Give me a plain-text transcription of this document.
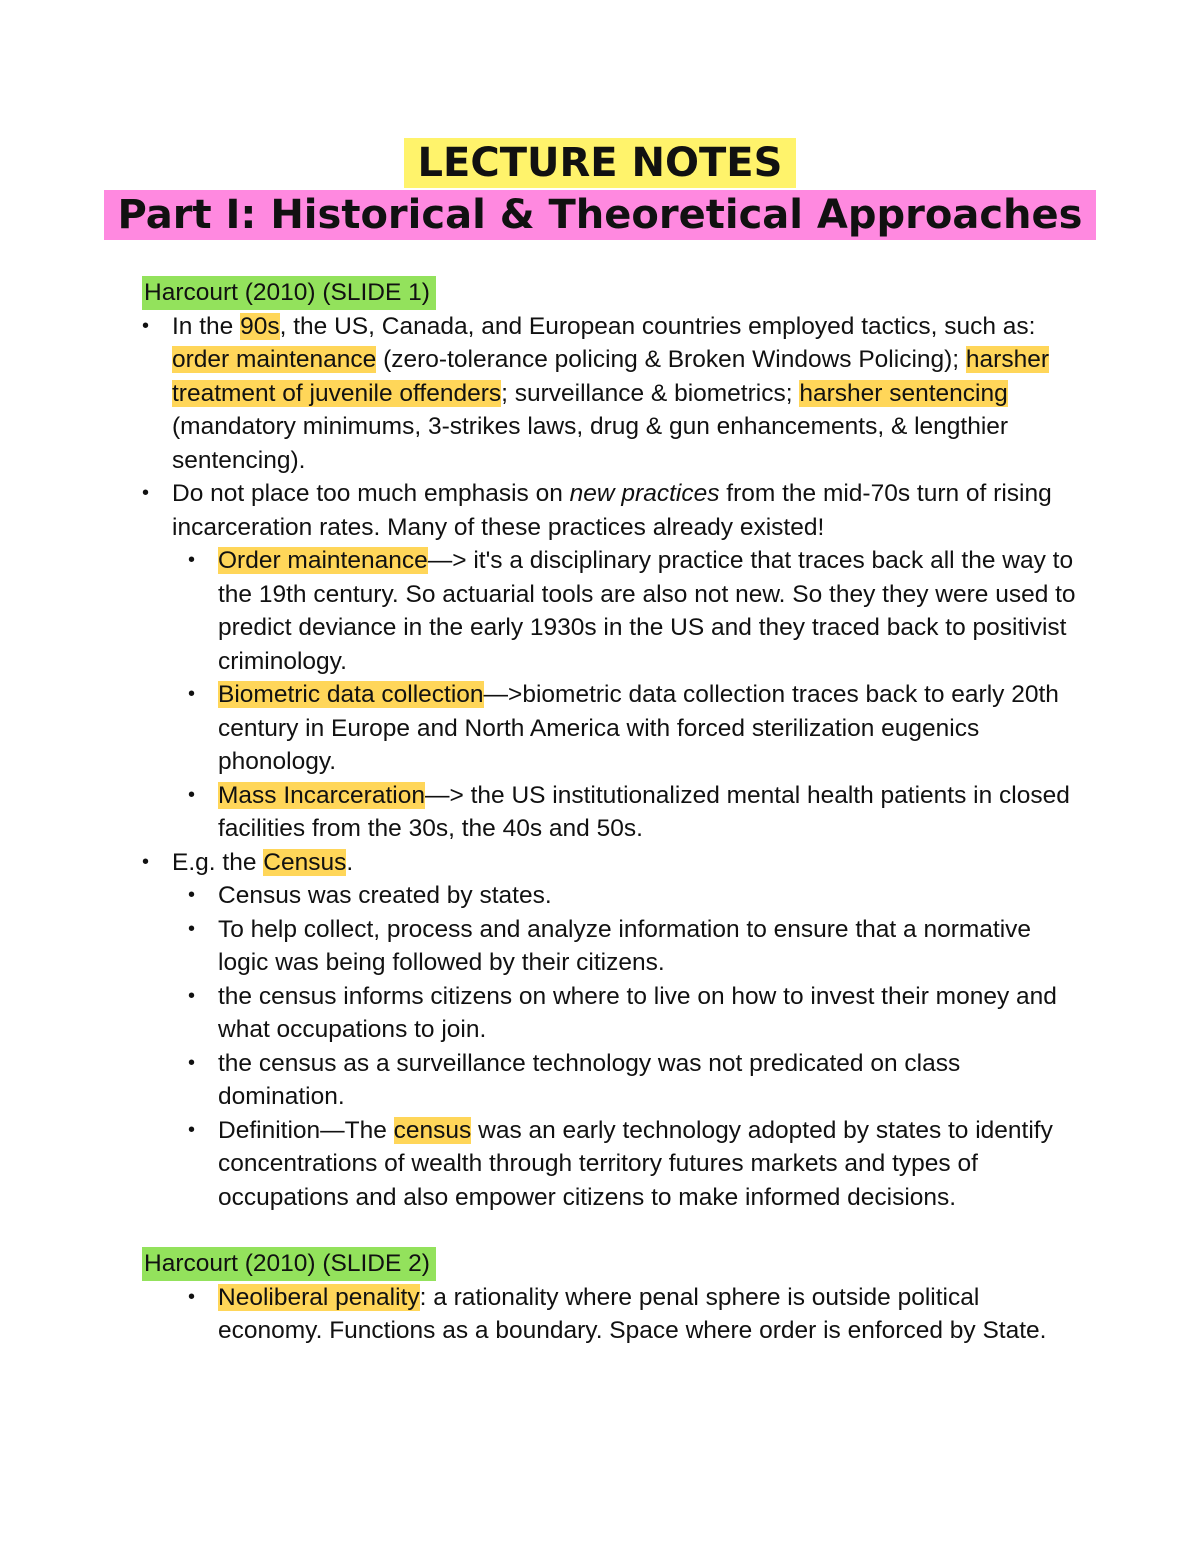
LECTURE NOTES
Part I: Historical & Theoretical Approaches
Harcourt (2010) (SLIDE 1)
• In the 90s, the US, Canada, and European countries employed tactics, such as: order maintenance (zero-tolerance policing & Broken Windows Policing); harsher treatment of juvenile offenders; surveillance & biometrics; harsher sentencing (mandatory minimums, 3-strikes laws, drug & gun enhancements, & lengthier sentencing).
• Do not place too much emphasis on new practices from the mid-70s turn of rising incarceration rates. Many of these practices already existed!
• Order maintenance—> it's a disciplinary practice that traces back all the way to the 19th century. So actuarial tools are also not new. So they they were used to predict deviance in the early 1930s in the US and they traced back to positivist criminology.
• Biometric data collection—>biometric data collection traces back to early 20th century in Europe and North America with forced sterilization eugenics phonology.
• Mass Incarceration—> the US institutionalized mental health patients in closed facilities from the 30s, the 40s and 50s.
• E.g. the Census.
• Census was created by states.
• To help collect, process and analyze information to ensure that a normative logic was being followed by their citizens.
• the census informs citizens on where to live on how to invest their money and what occupations to join.
• the census as a surveillance technology was not predicated on class domination.
• Definition—The census was an early technology adopted by states to identify concentrations of wealth through territory futures markets and types of occupations and also empower citizens to make informed decisions.
Harcourt (2010) (SLIDE 2)
• Neoliberal penality: a rationality where penal sphere is outside political economy. Functions as a boundary. Space where order is enforced by State.
